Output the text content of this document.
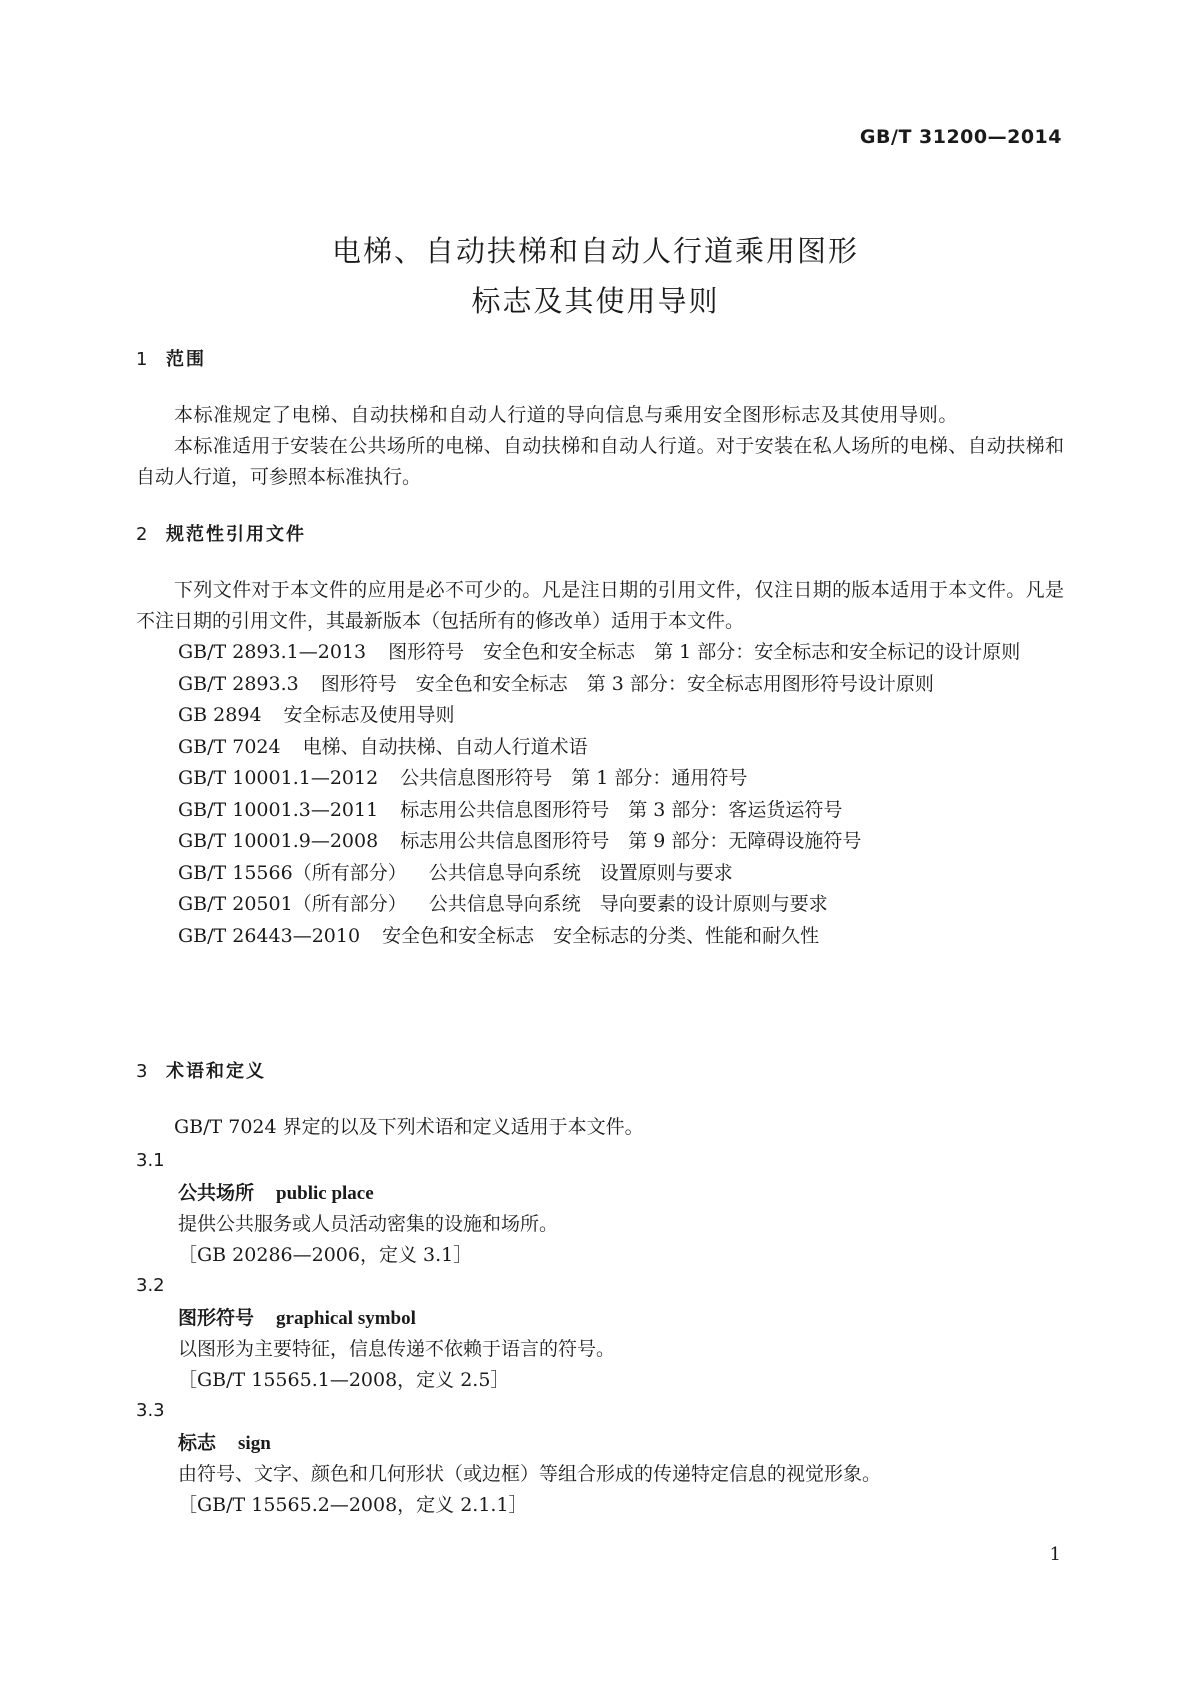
GB/T 31200—2014
电梯、自动扶梯和自动人行道乘用图形
标志及其使用导则
1 范围

本标准规定了电梯、自动扶梯和自动人行道的导向信息与乘用安全图形标志及其使用导则。

本标准适用于安装在公共场所的电梯、自动扶梯和自动人行道。对于安装在私人场所的电梯、自动扶梯和自动人行道，可参照本标准执行。

2 规范性引用文件

下列文件对于本文件的应用是必不可少的。凡是注日期的引用文件，仅注日期的版本适用于本文件。凡是不注日期的引用文件，其最新版本（包括所有的修改单）适用于本文件。

GB/T 2893.1—2013 图形符号　安全色和安全标志　第 1 部分：安全标志和安全标记的设计原则

GB/T 2893.3 图形符号　安全色和安全标志　第 3 部分：安全标志用图形符号设计原则

GB 2894 安全标志及使用导则

GB/T 7024 电梯、自动扶梯、自动人行道术语

GB/T 10001.1—2012 公共信息图形符号　第 1 部分：通用符号

GB/T 10001.3—2011 标志用公共信息图形符号　第 3 部分：客运货运符号

GB/T 10001.9—2008 标志用公共信息图形符号　第 9 部分：无障碍设施符号

GB/T 15566（所有部分） 公共信息导向系统　设置原则与要求

GB/T 20501（所有部分） 公共信息导向系统　导向要素的设计原则与要求

GB/T 26443—2010 安全色和安全标志　安全标志的分类、性能和耐久性

3 术语和定义

GB/T 7024 界定的以及下列术语和定义适用于本文件。

3.1
公共场所 public place
提供公共服务或人员活动密集的设施和场所。
［GB 20286—2006，定义 3.1］
3.2
图形符号 graphical symbol
以图形为主要特征，信息传递不依赖于语言的符号。
［GB/T 15565.1—2008，定义 2.5］
3.3
标志 sign
由符号、文字、颜色和几何形状（或边框）等组合形成的传递特定信息的视觉形象。
［GB/T 15565.2—2008，定义 2.1.1］
1
